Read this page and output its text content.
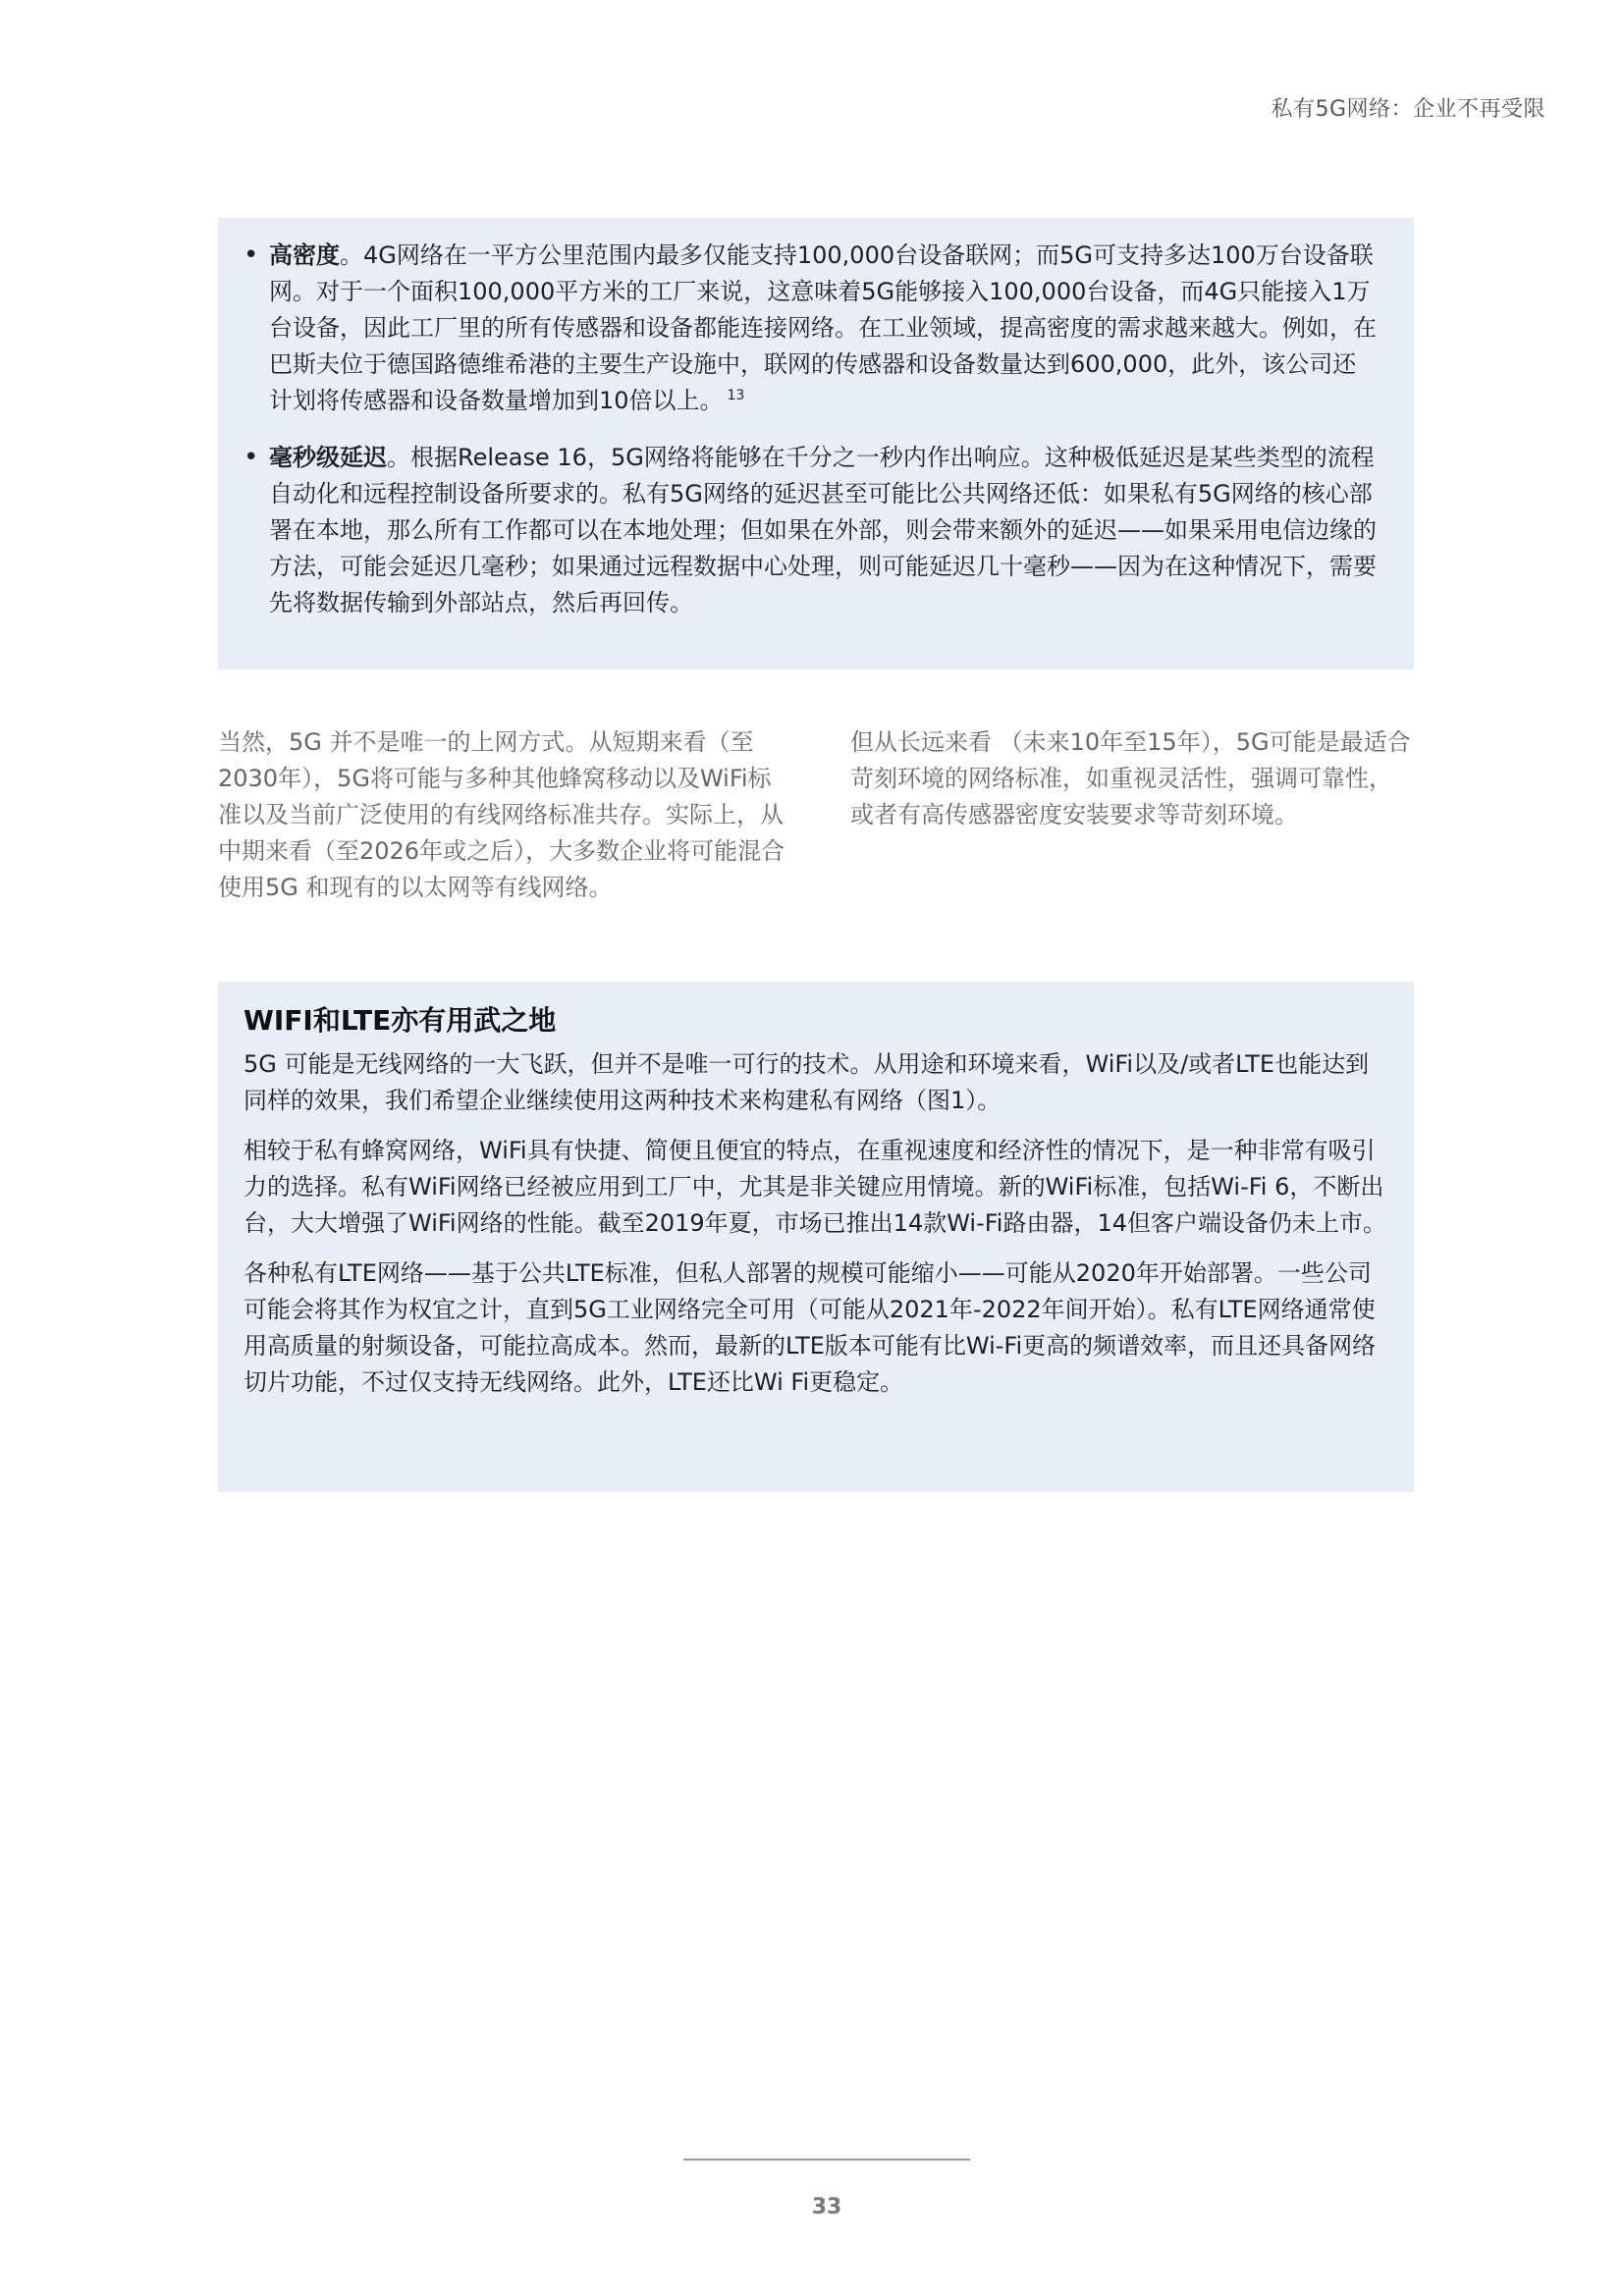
私有5G网络：企业不再受限
• 高密度。4G网络在一平方公里范围内最多仅能支持100,000台设备联网；而5G可支持多达100万台设备联网。对于一个面积100,000平方米的工厂来说，这意味着5G能够接入100,000台设备，而4G只能接入1万台设备，因此工厂里的所有传感器和设备都能连接网络。在工业领域，提高密度的需求越来越大。例如，在巴斯夫位于德国路德维希港的主要生产设施中，联网的传感器和设备数量达到600,000，此外，该公司还计划将传感器和设备数量增加到10倍以上。 $^{13}$
• 毫秒级延迟。根据Release 16，5G网络将能够在千分之一秒内作出响应。这种极低延迟是某些类型的流程自动化和远程控制设备所要求的。私有5G网络的延迟甚至可能比公共网络还低：如果私有5G网络的核心部署在本地，那么所有工作都可以在本地处理；但如果在外部，则会带来额外的延迟——如果采用电信边缘的方法，可能会延迟几毫秒；如果通过远程数据中心处理，则可能延迟几十毫秒——因为在这种情况下，需要先将数据传输到外部站点，然后再回传。
当然，5G 并不是唯一的上网方式。从短期来看（至2030年），5G将可能与多种其他蜂窝移动以及WiFi标准以及当前广泛使用的有线网络标准共存。实际上，从中期来看（至2026年或之后），大多数企业将可能混合使用5G 和现有的以太网等有线网络。
但从长远来看 （未来10年至15年），5G可能是最适合苛刻环境的网络标准，如重视灵活性，强调可靠性，或者有高传感器密度安装要求等苛刻环境。
WIFI和LTE亦有用武之地

5G 可能是无线网络的一大飞跃，但并不是唯一可行的技术。从用途和环境来看，WiFi以及/或者LTE也能达到同样的效果，我们希望企业继续使用这两种技术来构建私有网络（图1）。

相较于私有蜂窝网络，WiFi具有快捷、简便且便宜的特点，在重视速度和经济性的情况下，是一种非常有吸引力的选择。私有WiFi网络已经被应用到工厂中，尤其是非关键应用情境。新的WiFi标准，包括Wi-Fi 6，不断出台，大大增强了WiFi网络的性能。截至2019年夏，市场已推出14款Wi-Fi路由器，14但客户端设备仍未上市。

各种私有LTE网络——基于公共LTE标准，但私人部署的规模可能缩小——可能从2020年开始部署。一些公司可能会将其作为权宜之计，直到5G工业网络完全可用（可能从2021年-2022年间开始）。私有LTE网络通常使用高质量的射频设备，可能拉高成本。然而，最新的LTE版本可能有比Wi-Fi更高的频谱效率，而且还具备网络切片功能，不过仅支持无线网络。此外，LTE还比Wi Fi更稳定。

33
